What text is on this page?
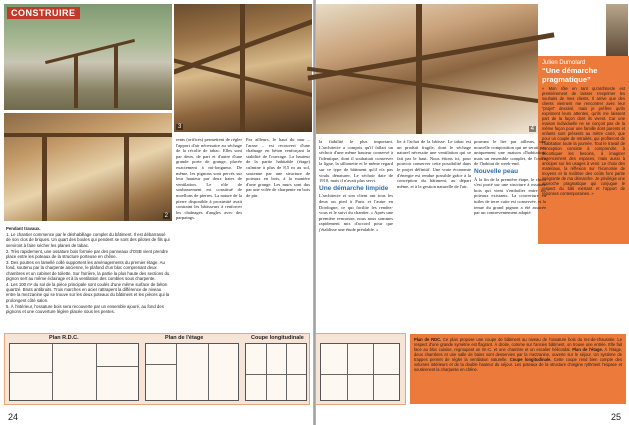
CONSTRUIRE
2
3

Pendant travaux.

1. Le chantier commence par le déshabillage complet du bâtiment. Il est débarrassé de son clos de briques. Un quart des boules qui pendent se sont des pilotes de fils qui serviront à faire sécher les planes de tabac.

2. Très rapidement, une ossature bois formée par des panneaux d'OSB vient prendre place entre les poteaux de la structure porteuse en chêne.

3. Des poutres en lamellé collé supportent les aménagements du premier étage. Au fond, soutenu par la charpente ancienne, le plafond d'un bloc comprenant deux chambres et un cabinet de toilette. Sur l'arrière, la partie la plus haute des sections du pignon sert au même éclairage et à la ventilation des combles sous charpente.

4. Les 100 m² du sol de la pièce principale sont coulés d'une même surface de béton quartzé. Bruts antibruits. Trois marches en acier rattrapent la différence de niveau entre la mezzanine qui se trouve sur les deux poteaux du bâtiment et les pièces qui la prolongent côté salon.

5. À l'intérieur, l'ossature bois sera recouverte par un ensemble ajouré, au fond des pignons et une couverture légère placée sous les pentes.

rents (orifices) permettent de régler l'apport d'air nécessaire au séchage de la récolte de tabac. Elles sont par deux, de part et d'autre d'une grande porte de grange, placée exactement à mi-longueur. De même, les pignons sont percés sur leur hauteur par deux baies de ventilation. Le rôle de soubassement est constitué de moellons de pierres. La nature de la pierre disponible à proximité avait contraint les bâtisseurs à renforcer les chaînages d'angles avec des parpaings.

Par ailleurs, le haut du mur – l'arase – est recouvert d'une chaînage en béton renforçant la stabilité de l'ouvrage. La hauteur de la partie habitable (étage) culmine à plus de 8,5 m au sol, soutenue par une structure de poteaux en bois, à la manière d'une grange. Les murs sont dus par une volée de charpente en bois de pin.

Plan R.D.C.	Plan de l'étage	Coupe longitudinale
24
4
Julien Dumolard
“Une démarche pragmatique”
« Mon rôle en tant qu'architecte est premièrement de laisser s'exprimer les souhaits de mes clients. Il arrive que des clients viennent me rencontrer avec leur “projet” dessiné, mais je préfère qu'ils expriment leurs attentes, qu'ils me laissent part de la façon dont ils vivent. Car une maison individuelle ne se conçoit pas de la même façon pour une famille dont parents et enfants sont présents au mètre carré, que pour un couple de retraités, qui profiteront de l'habitation toute la journée. Tout le travail de conception consiste à comprendre, à décortiquer les besoins, à imaginer l'agencement des espaces, mais aussi à anticiper sur les usages à venir. Le choix des matériaux, la réflexion sur l'économie de moyens et la maîtrise des coûts font partie intégrante de ma démarche. Je privilégie une approche pragmatique qui conjugue le respect du bâti existant et l'apport de réponses contemporaines. »

la fiabilité le plus important. L'architecte a compris qu'il fallait un séchoir d'une même hauteur conservé à l'identique, dont il souhaitait conserver la ligne, la silhouette et le même regard sur ce type de bâtiment qu'il n'a pas voulu dénaturer. Le séchoir date de 1910, mais il n'avait plus servi.

Une démarche limpide

L'architecte et son client ont tous les deux un pied à Paris et l'autre en Dordogne, ce qui facilite les rendez-vous et le suivi du chantier. « Après une première rencontre, nous nous sommes rapidement mis d'accord pour que j'établisse une étude préalable. »

lie à l'achat de la bâtisse. Le tabac est un produit fragile, dont le séchage naturel nécessite une ventilation qui se fait par le haut. Nous étions ici, pour pouvoir conserver cette possibilité dans le projet définitif. Une vraie économie d'énergie est rendue possible grâce à la conception du bâtiment, au départ même, et à la gestion naturelle de l'air.

pouvant le lire par ailleurs, une nouvelle composition qui ne serait pas uniquement une maison d'habitation, mais un ensemble complet, de l'ordre de l'habitat de week-end.

Nouvelle peau

À la fin de la première étape, le choix s'est porté sur une structure à ossature bois qui vient s'emboîter entre les poteaux existants. La couverture en tuiles de terre cuite est conservée, et la tenue du grand pignon a été assurée par un contreventement adapté.

Plan de RDC. Ce plan propose une coupe de bâtiment au niveau de l'ossature bois du rez-de-chaussée. Le respect d'une grande symétrie est flagrant. À droite, comme sur l'ancien bâtiment, on trouve une entrée. Elle fait face au bloc cuisine, regroupant un W.-C. et une chambre et un escalier hélicoïdal. Plan de l'étage. À l'étage, deux chambres et une salle de bains sont desservies par la mezzanine, ouverte sur le séjour. Un système de trappes permet de régler la ventilation naturelle. Coupe longitudinale. Cette coupe rend bien compte des volumes intérieurs et de la double hauteur du séjour. Les poteaux de la structure d'origine rythment l'espace et soutiennent la charpente en chêne.
25
